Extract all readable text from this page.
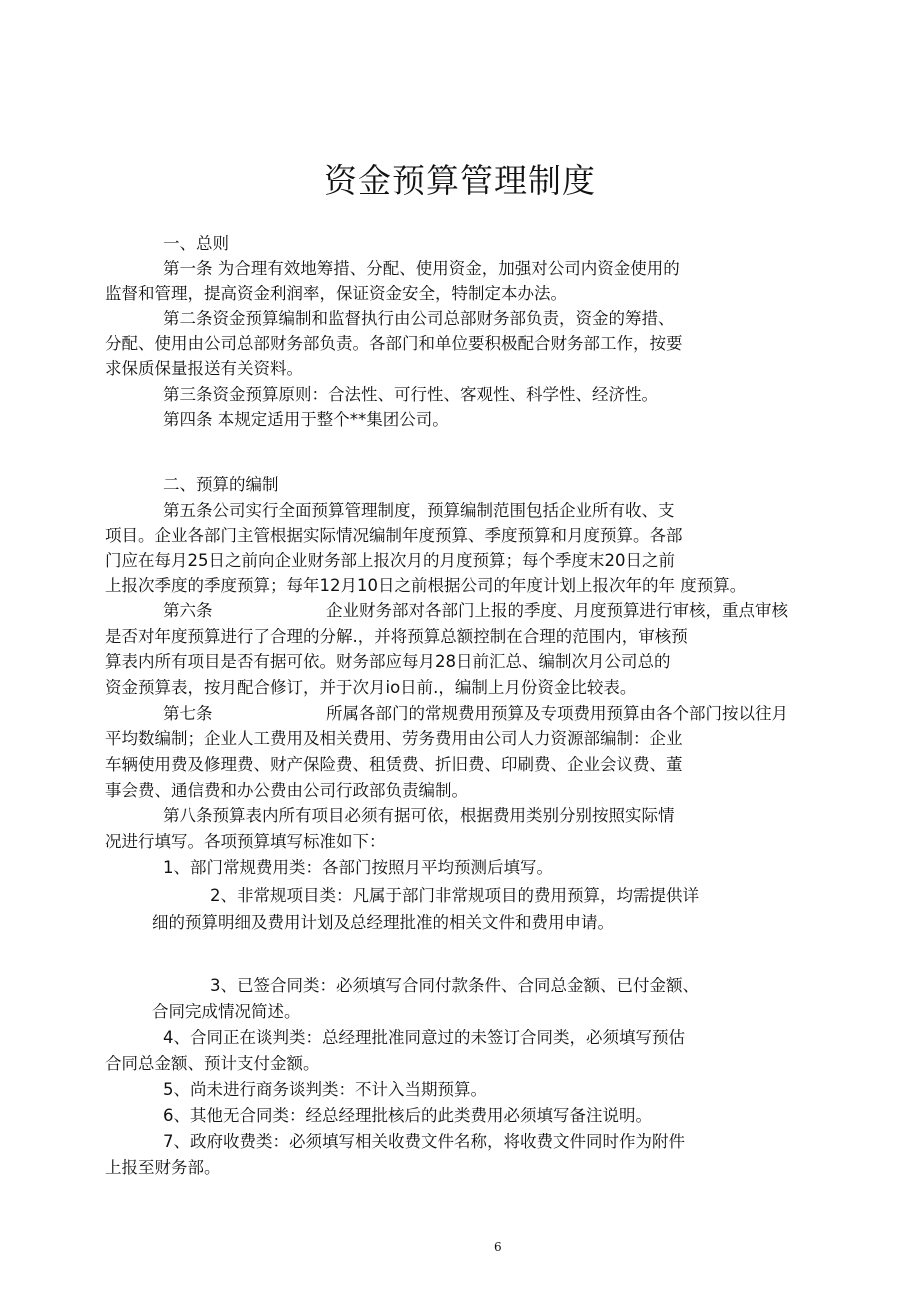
资金预算管理制度
一、总则
第一条 为合理有效地筹措、分配、使用资金，加强对公司内资金使用的
监督和管理，提高资金利润率，保证资金安全，特制定本办法。
第二条资金预算编制和监督执行由公司总部财务部负责，资金的筹措、
分配、使用由公司总部财务部负责。各部门和单位要积极配合财务部工作，按要
求保质保量报送有关资料。
第三条资金预算原则：合法性、可行性、客观性、科学性、经济性。
第四条 本规定适用于整个**集团公司。
二、预算的编制
第五条公司实行全面预算管理制度，预算编制范围包括企业所有收、支
项目。企业各部门主管根据实际情况编制年度预算、季度预算和月度预算。各部
门应在每月25日之前向企业财务部上报次月的月度预算；每个季度末20日之前
上报次季度的季度预算；每年12月10日之前根据公司的年度计划上报次年的年 度预算。
第六条	企业财务部对各部门上报的季度、月度预算进行审核，重点审核
是否对年度预算进行了合理的分解.，并将预算总额控制在合理的范围内，审核预
算表内所有项目是否有据可依。财务部应每月28日前汇总、编制次月公司总的
资金预算表，按月配合修订，并于次月io日前.，编制上月份资金比较表。
第七条	所属各部门的常规费用预算及专项费用预算由各个部门按以往月
平均数编制；企业人工费用及相关费用、劳务费用由公司人力资源部编制：企业
车辆使用费及修理费、财产保险费、租赁费、折旧费、印刷费、企业会议费、董
事会费、通信费和办公费由公司行政部负责编制。
第八条预算表内所有项目必须有据可依，根据费用类别分别按照实际情
况进行填写。各项预算填写标准如下：
1、部门常规费用类：各部门按照月平均预测后填写。
2、非常规项目类：凡属于部门非常规项目的费用预算，均需提供详
细的预算明细及费用计划及总经理批准的相关文件和费用申请。
3、已签合同类：必须填写合同付款条件、合同总金额、已付金额、
合同完成情况简述。
4、合同正在谈判类：总经理批准同意过的未签订合同类，必须填写预估
合同总金额、预计支付金额。
5、尚未进行商务谈判类：不计入当期预算。
6、其他无合同类：经总经理批核后的此类费用必须填写备注说明。
7、政府收费类：必须填写相关收费文件名称，将收费文件同时作为附件
上报至财务部。
6
